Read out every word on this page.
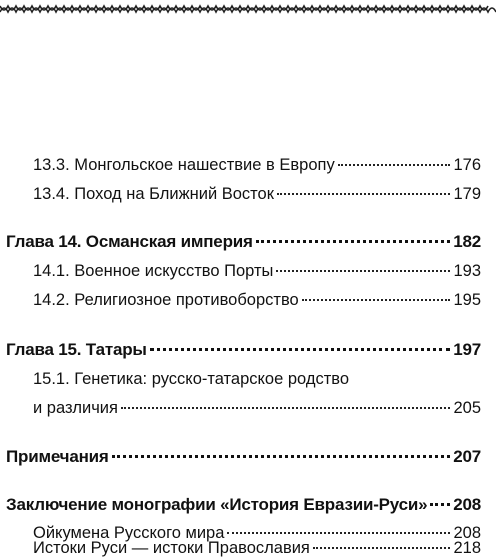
13.3. Монгольское нашествие в Европу	176
13.4. Поход на Ближний Восток	179
Глава 14. Османская империя	182
14.1. Военное искусство Порты	193
14.2. Религиозное противоборство	195
Глава 15. Татары	197
15.1. Генетика: русско-татарское родство
и различия	205
Примечания	207
Заключение монографии «История Евразии-Руси» 208
Ойкумена Русского мира	208
Истоки Руси — истоки Православия	218
